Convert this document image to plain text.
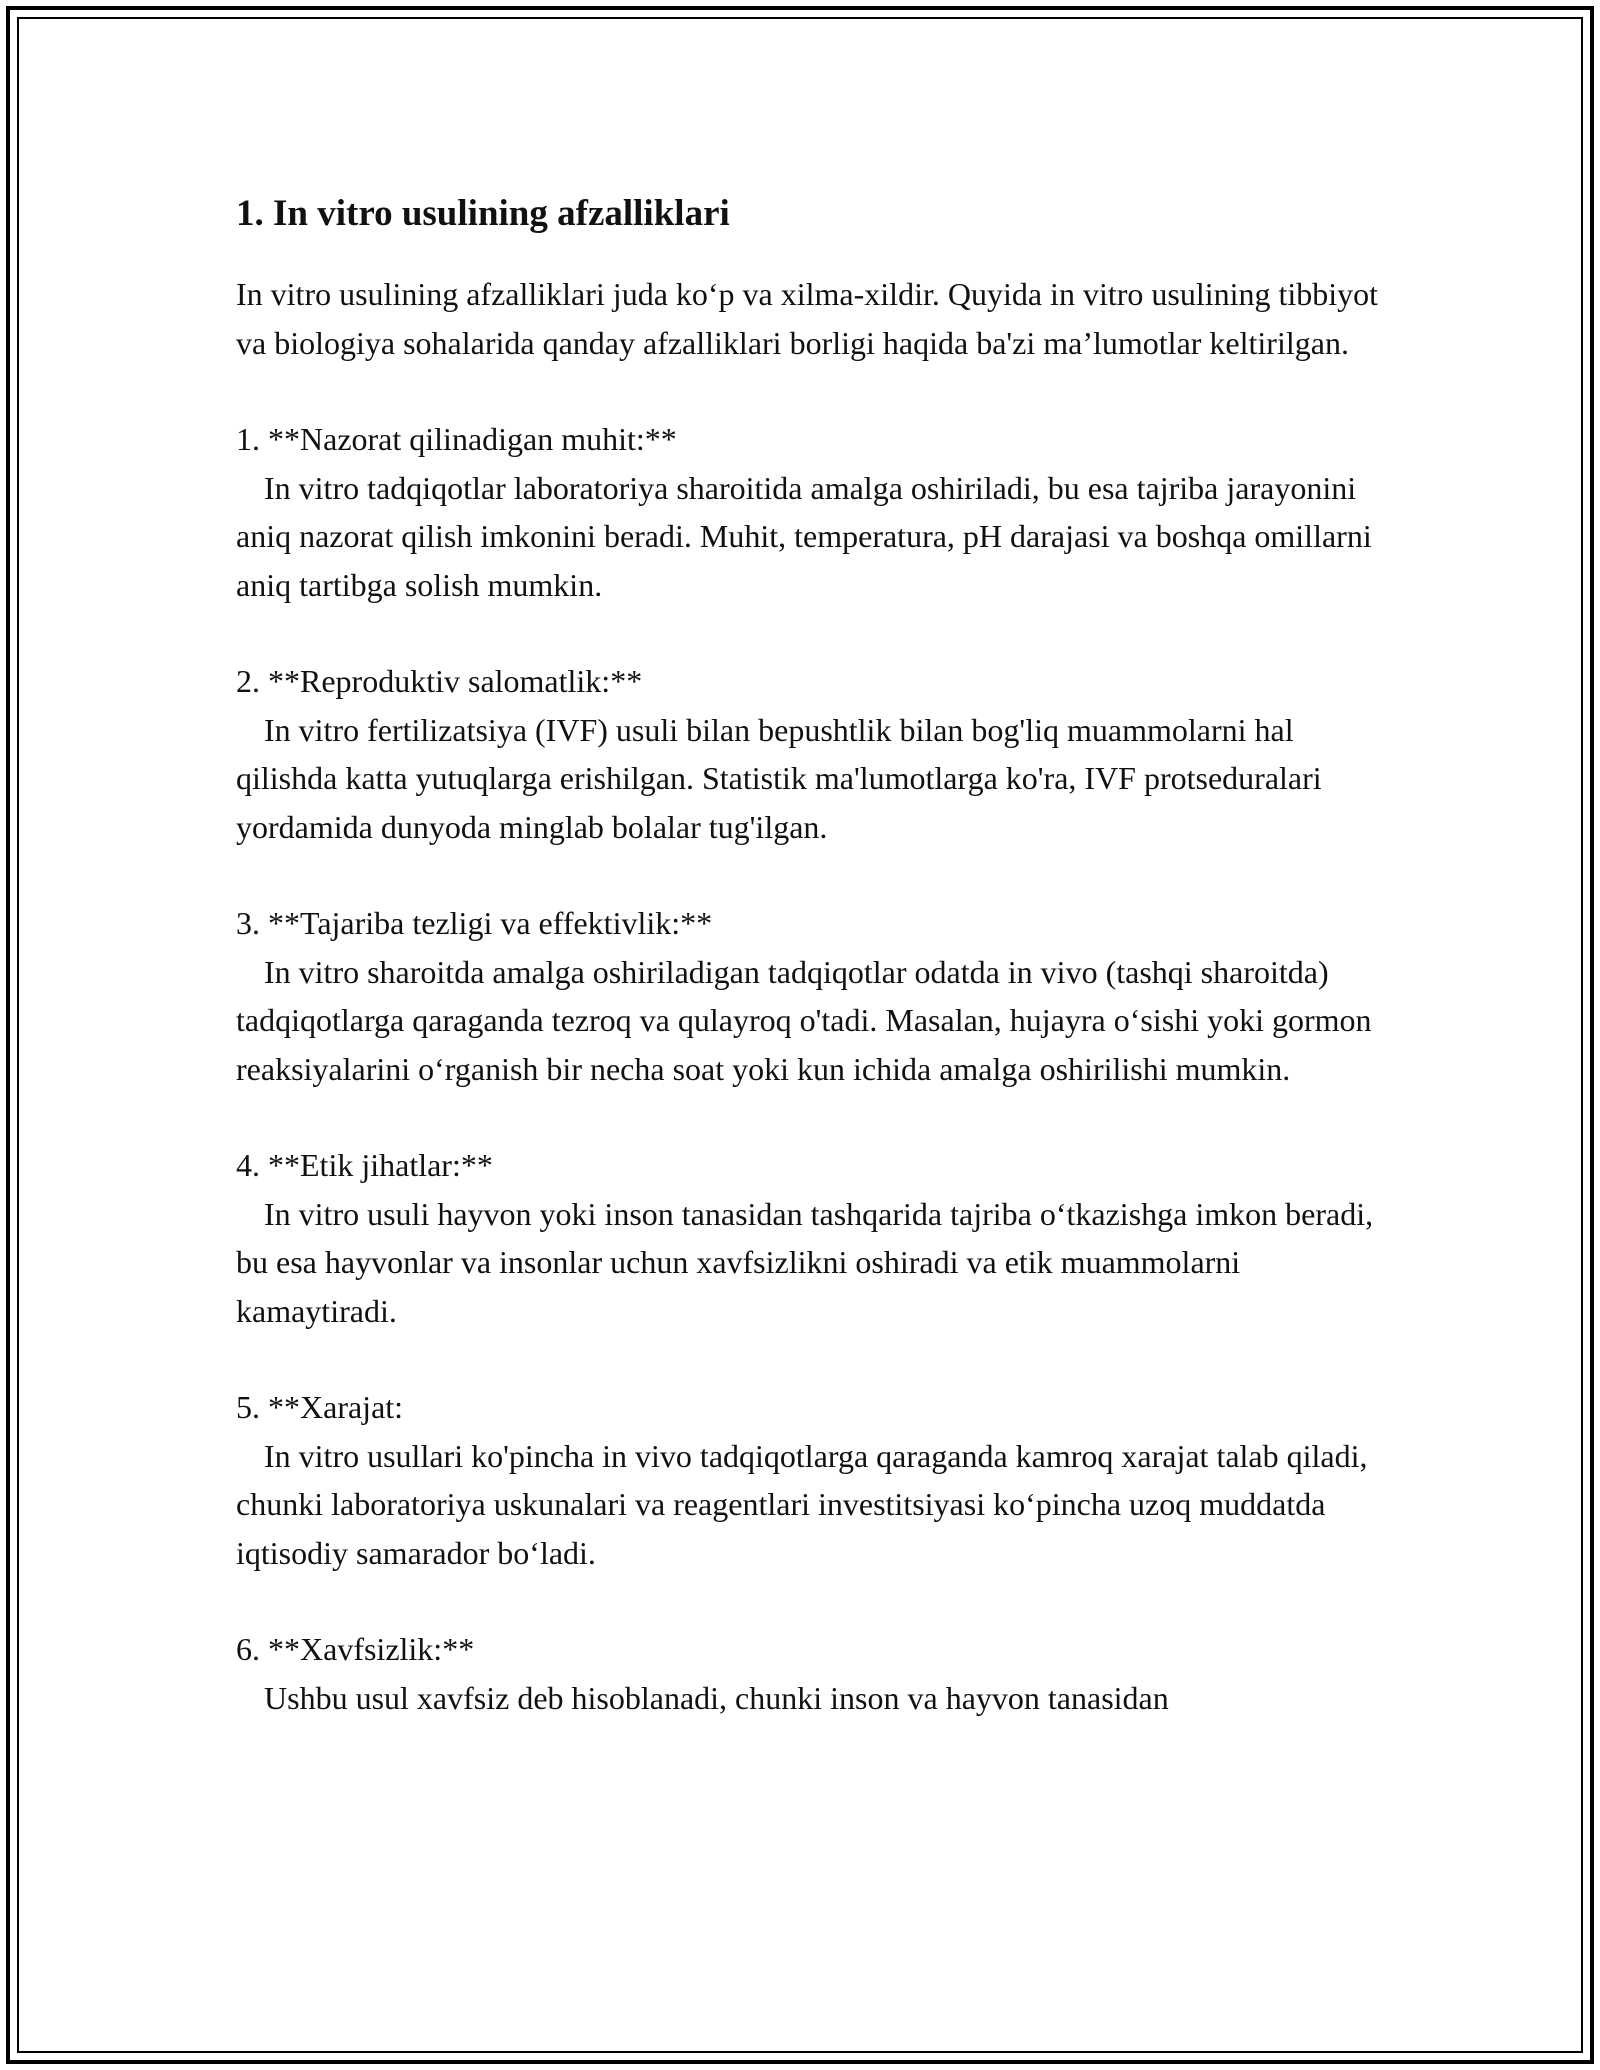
1. In vitro usulining afzalliklari

In vitro usulining afzalliklari juda ko‘p va xilma-xildir. Quyida in vitro usulining tibbiyot va biologiya sohalarida qanday afzalliklari borligi haqida ba'zi ma’lumotlar keltirilgan.

1. **Nazorat qilinadigan muhit:**

In vitro tadqiqotlar laboratoriya sharoitida amalga oshiriladi, bu esa tajriba jarayonini aniq nazorat qilish imkonini beradi. Muhit, temperatura, pH darajasi va boshqa omillarni aniq tartibga solish mumkin.

2. **Reproduktiv salomatlik:**

In vitro fertilizatsiya (IVF) usuli bilan bepushtlik bilan bog'liq muammolarni hal qilishda katta yutuqlarga erishilgan. Statistik ma'lumotlarga ko'ra, IVF protseduralari yordamida dunyoda minglab bolalar tug'ilgan.

3. **Tajariba tezligi va effektivlik:**

In vitro sharoitda amalga oshiriladigan tadqiqotlar odatda in vivo (tashqi sharoitda) tadqiqotlarga qaraganda tezroq va qulayroq o'tadi. Masalan, hujayra o‘sishi yoki gormon reaksiyalarini o‘rganish bir necha soat yoki kun ichida amalga oshirilishi mumkin.

4. **Etik jihatlar:**

In vitro usuli hayvon yoki inson tanasidan tashqarida tajriba o‘tkazishga imkon beradi, bu esa hayvonlar va insonlar uchun xavfsizlikni oshiradi va etik muammolarni kamaytiradi.

5. **Xarajat:

In vitro usullari ko'pincha in vivo tadqiqotlarga qaraganda kamroq xarajat talab qiladi, chunki laboratoriya uskunalari va reagentlari investitsiyasi ko‘pincha uzoq muddatda iqtisodiy samarador bo‘ladi.

6. **Xavfsizlik:**

Ushbu usul xavfsiz deb hisoblanadi, chunki inson va hayvon tanasidan
